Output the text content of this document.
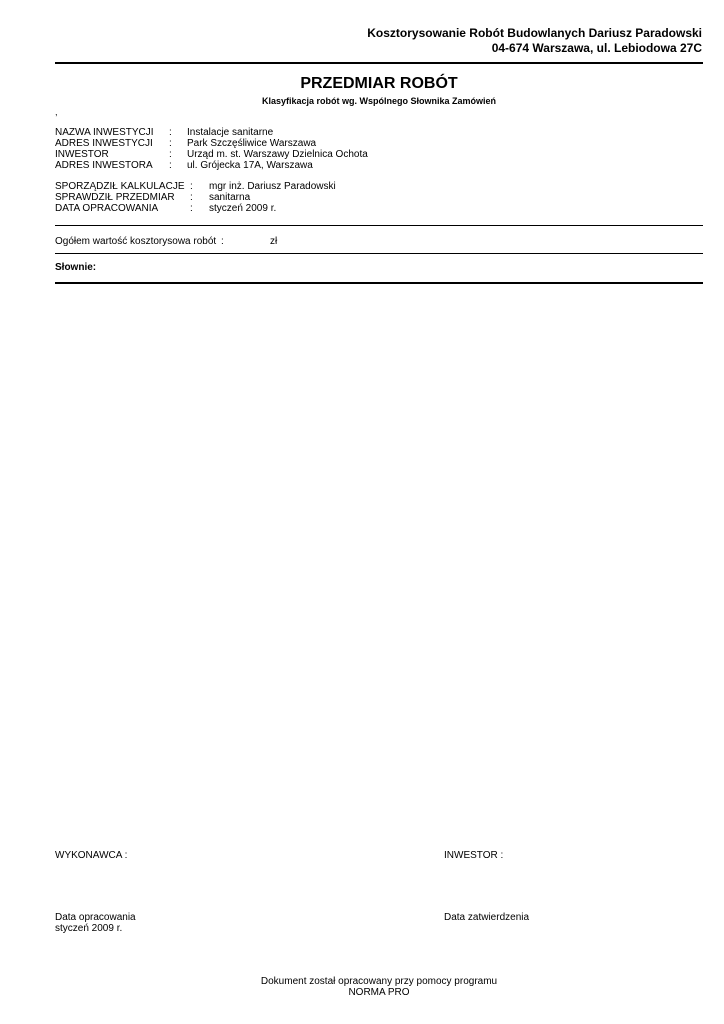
Kosztorysowanie Robót Budowlanych Dariusz Paradowski
04-674 Warszawa, ul. Lebiodowa 27C
PRZEDMIAR ROBÓT
Klasyfikacja robót wg. Wspólnego Słownika Zamówień
,
NAZWA INWESTYCJI : Instalacje sanitarne
ADRES INWESTYCJI : Park Szczęśliwice Warszawa
INWESTOR	: Urząd m. st. Warszawy Dzielnica Ochota
ADRES INWESTORA : ul. Grójecka 17A, Warszawa
SPORZĄDZIŁ KALKULACJE : mgr inż. Dariusz Paradowski
SPRAWDZIŁ PRZEDMIAR : sanitarna
DATA OPRACOWANIA	: styczeń 2009 r.
Ogółem wartość kosztorysowa robót :	zł
Słownie:
WYKONAWCA :	INWESTOR :
Data opracowania
styczeń 2009 r.
Data zatwierdzenia
Dokument został opracowany przy pomocy programu
NORMA PRO
